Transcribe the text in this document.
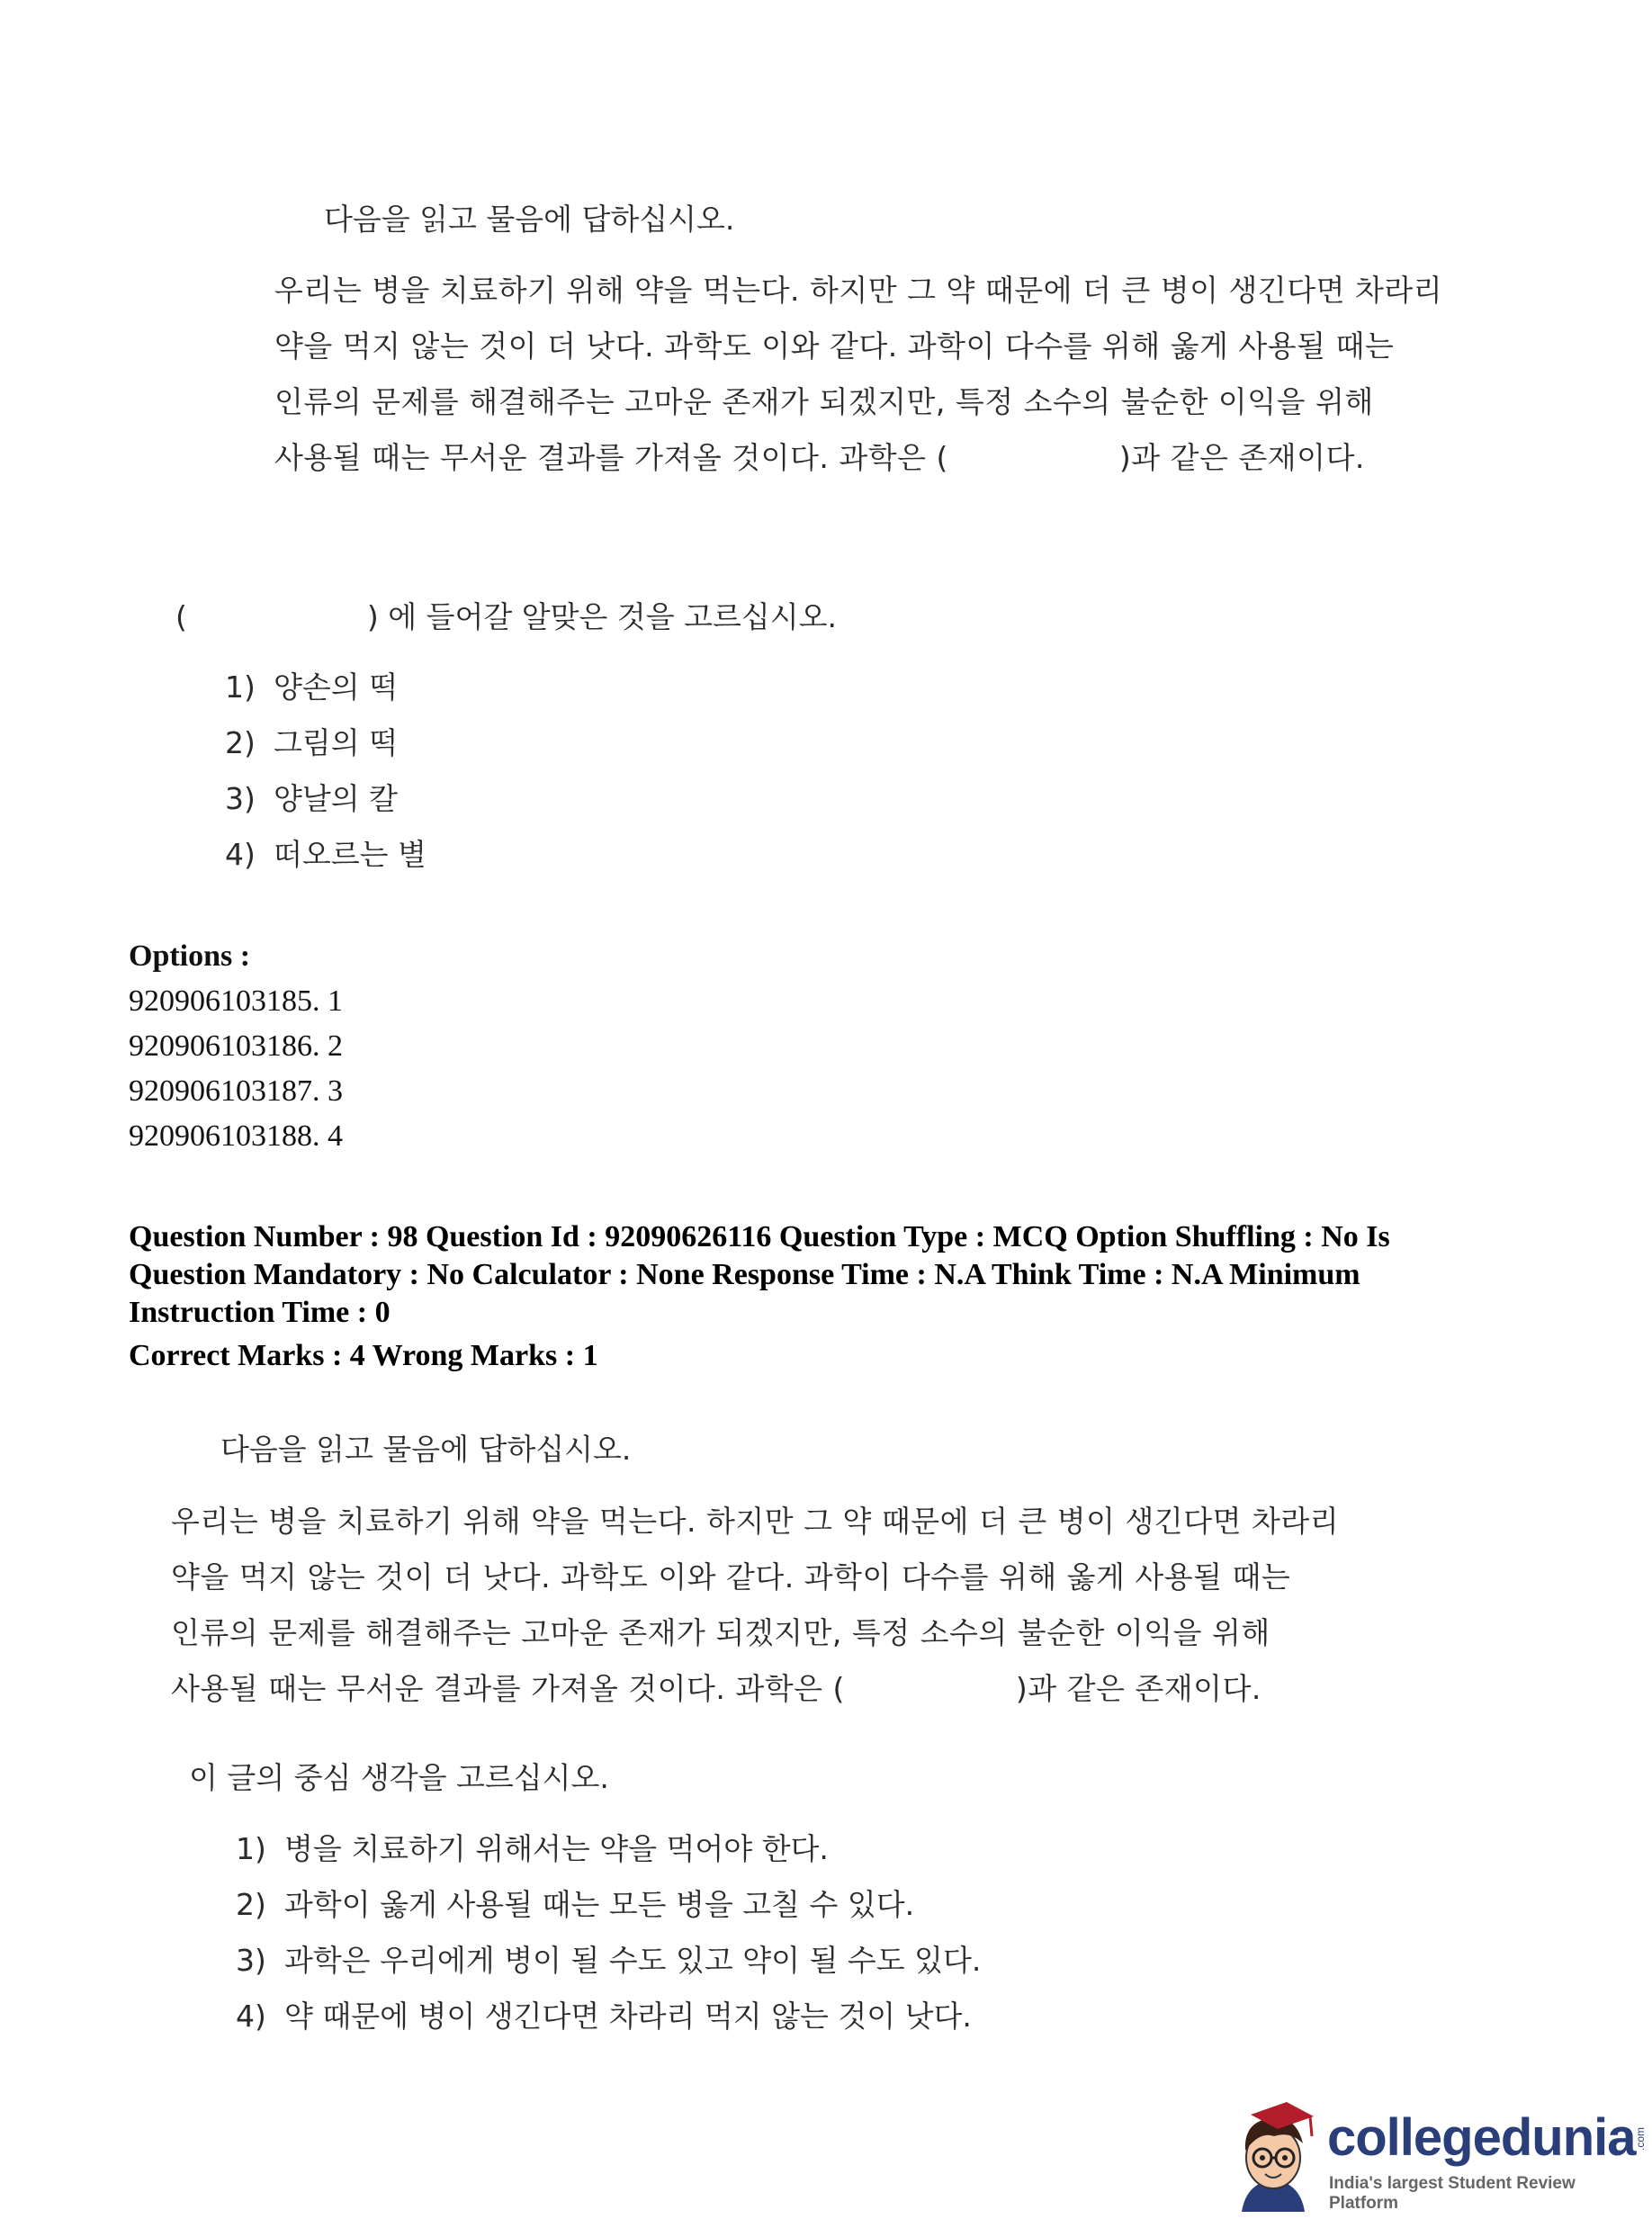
다음을 읽고 물음에 답하십시오.

우리는 병을 치료하기 위해 약을 먹는다. 하지만 그 약 때문에 더 큰 병이 생긴다면 차라리

약을 먹지 않는 것이 더 낫다. 과학도 이와 같다. 과학이 다수를 위해 옳게 사용될 때는

인류의 문제를 해결해주는 고마운 존재가 되겠지만, 특정 소수의 불순한 이익을 위해

사용될 때는 무서운 결과를 가져올 것이다. 과학은 (	)과 같은 존재이다.

(	) 에 들어갈 알맞은 것을 고르십시오.
1) 양손의 떡
2) 그림의 떡
3) 양날의 칼
4) 떠오르는 별
Options :
920906103185. 1
920906103186. 2
920906103187. 3
920906103188. 4
Question Number : 98 Question Id : 92090626116 Question Type : MCQ Option Shuffling : No Is
Question Mandatory : No Calculator : None Response Time : N.A Think Time : N.A Minimum
Instruction Time : 0
Correct Marks : 4 Wrong Marks : 1
다음을 읽고 물음에 답하십시오.

우리는 병을 치료하기 위해 약을 먹는다. 하지만 그 약 때문에 더 큰 병이 생긴다면 차라리

약을 먹지 않는 것이 더 낫다. 과학도 이와 같다. 과학이 다수를 위해 옳게 사용될 때는

인류의 문제를 해결해주는 고마운 존재가 되겠지만, 특정 소수의 불순한 이익을 위해

사용될 때는 무서운 결과를 가져올 것이다. 과학은 (	)과 같은 존재이다.

이 글의 중심 생각을 고르십시오.
1) 병을 치료하기 위해서는 약을 먹어야 한다.
2) 과학이 옳게 사용될 때는 모든 병을 고칠 수 있다.
3) 과학은 우리에게 병이 될 수도 있고 약이 될 수도 있다.
4) 약 때문에 병이 생긴다면 차라리 먹지 않는 것이 낫다.
collegedunia
India's largest Student Review Platform
.com
